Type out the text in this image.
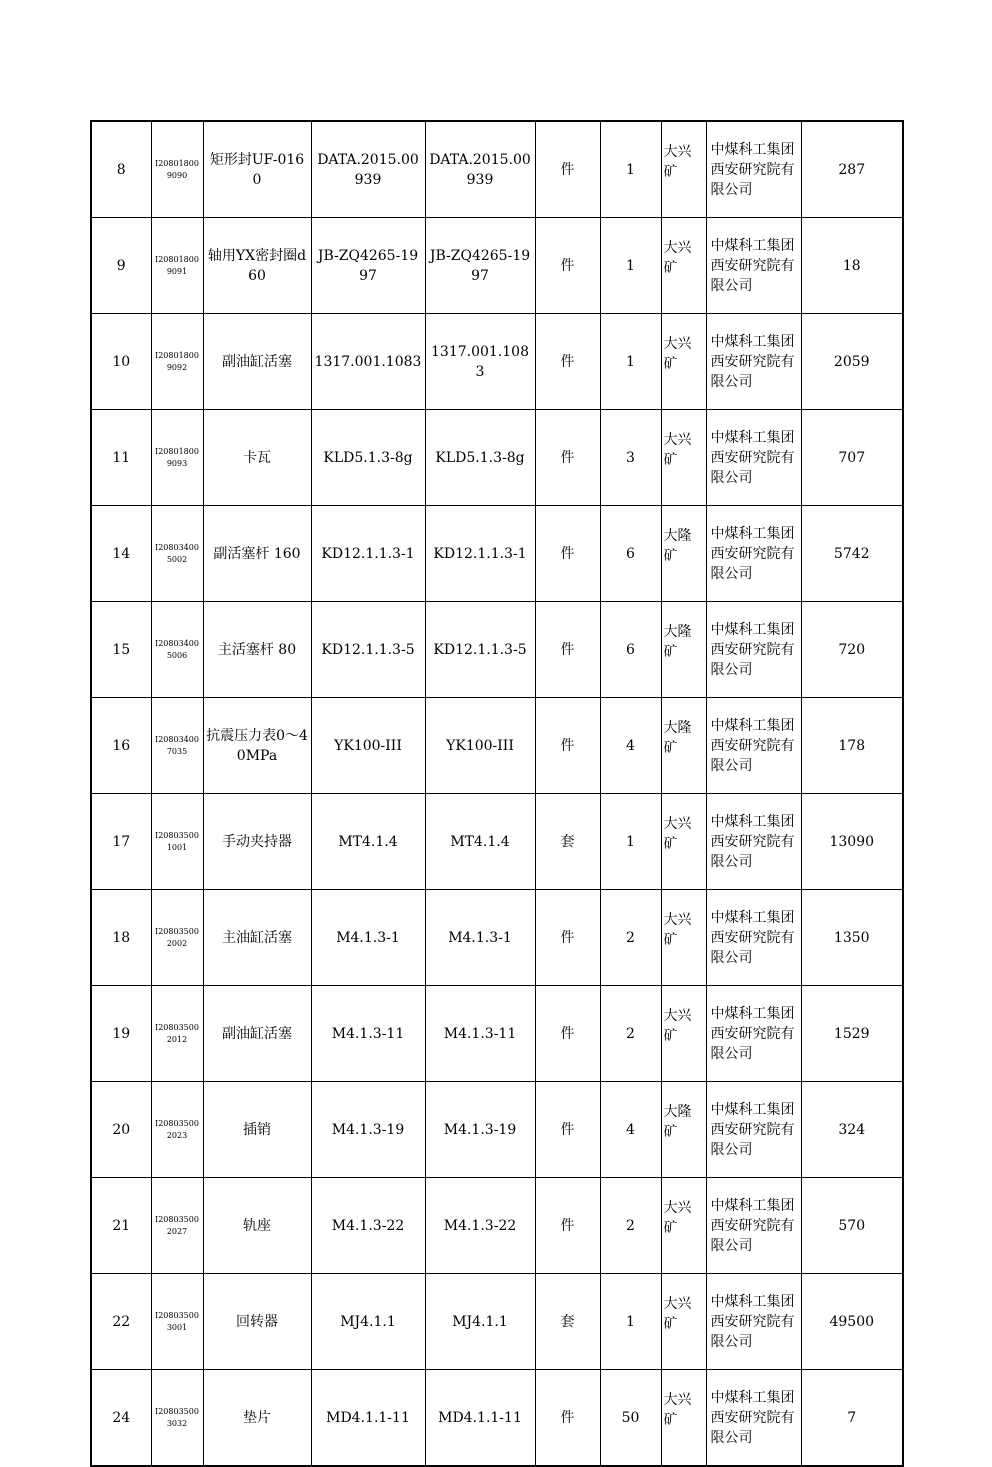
8	I20801800 9090	矩形封UF-0160	DATA.2015.00939	DATA.2015.00939	件	1	大兴矿	中煤科工集团西安研究院有限公司	287
9	I20801800 9091	轴用YX密封圈d60	JB-ZQ4265-1997	JB-ZQ4265-1997	件	1	大兴矿	中煤科工集团西安研究院有限公司	18
10	I20801800 9092	副油缸活塞	1317.001.1083	1317.001.1083	件	1	大兴矿	中煤科工集团西安研究院有限公司	2059
11	I20801800 9093	卡瓦	KLD5.1.3-8g	KLD5.1.3-8g	件	3	大兴矿	中煤科工集团西安研究院有限公司	707
14	I20803400 5002	副活塞杆 160	KD12.1.1.3-1	KD12.1.1.3-1	件	6	大隆矿	中煤科工集团西安研究院有限公司	5742
15	I20803400 5006	主活塞杆 80	KD12.1.1.3-5	KD12.1.1.3-5	件	6	大隆矿	中煤科工集团西安研究院有限公司	720
16	I20803400 7035	抗震压力表0～40MPa	YK100-III	YK100-III	件	4	大隆矿	中煤科工集团西安研究院有限公司	178
17	I20803500 1001	手动夹持器	MT4.1.4	MT4.1.4	套	1	大兴矿	中煤科工集团西安研究院有限公司	13090
18	I20803500 2002	主油缸活塞	M4.1.3-1	M4.1.3-1	件	2	大兴矿	中煤科工集团西安研究院有限公司	1350
19	I20803500 2012	副油缸活塞	M4.1.3-11	M4.1.3-11	件	2	大兴矿	中煤科工集团西安研究院有限公司	1529
20	I20803500 2023	插销	M4.1.3-19	M4.1.3-19	件	4	大隆矿	中煤科工集团西安研究院有限公司	324
21	I20803500 2027	轨座	M4.1.3-22	M4.1.3-22	件	2	大兴矿	中煤科工集团西安研究院有限公司	570
22	I20803500 3001	回转器	MJ4.1.1	MJ4.1.1	套	1	大兴矿	中煤科工集团西安研究院有限公司	49500
24	I20803500 3032	垫片	MD4.1.1-11	MD4.1.1-11	件	50	大兴矿	中煤科工集团西安研究院有限公司	7
